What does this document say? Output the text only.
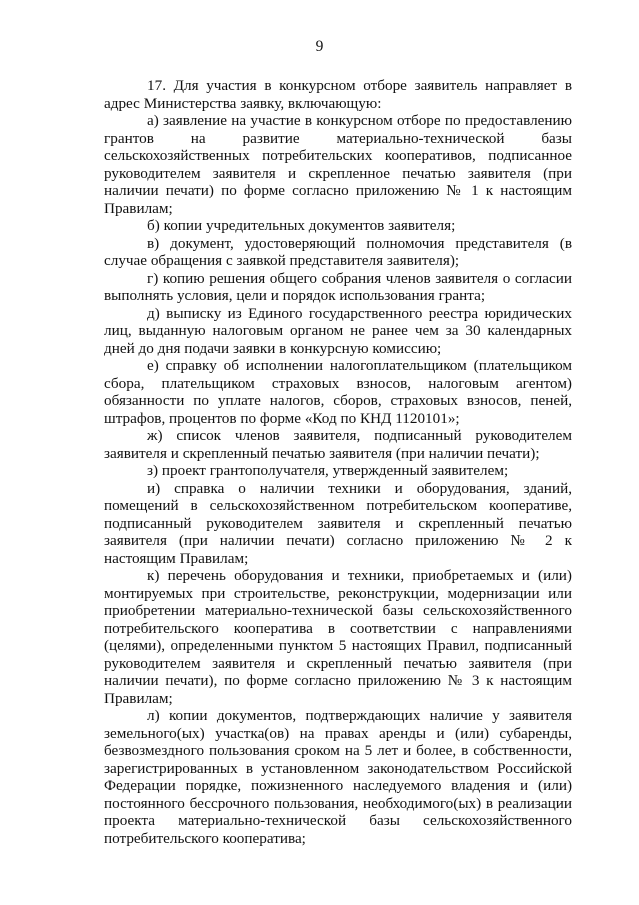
9

17. Для участия в конкурсном отборе заявитель направляет в адрес Министерства заявку, включающую:

а) заявление на участие в конкурсном отборе по предоставлению грантов на развитие материально-технической базы сельскохозяйственных потребительских кооперативов, подписанное руководителем заявителя и скрепленное печатью заявителя (при наличии печати) по форме согласно приложению № 1 к настоящим Правилам;

б) копии учредительных документов заявителя;

в) документ, удостоверяющий полномочия представителя (в случае обращения с заявкой представителя заявителя);

г) копию решения общего собрания членов заявителя о согласии выполнять условия, цели и порядок использования гранта;

д) выписку из Единого государственного реестра юридических лиц, выданную налоговым органом не ранее чем за 30 календарных дней до дня подачи заявки в конкурсную комиссию;

е) справку об исполнении налогоплательщиком (плательщиком сбора, плательщиком страховых взносов, налоговым агентом) обязанности по уплате налогов, сборов, страховых взносов, пеней, штрафов, процентов по форме «Код по КНД 1120101»;

ж) список членов заявителя, подписанный руководителем заявителя и скрепленный печатью заявителя (при наличии печати);

з) проект грантополучателя, утвержденный заявителем;

и) справка о наличии техники и оборудования, зданий, помещений в сельскохозяйственном потребительском кооперативе, подписанный руководителем заявителя и скрепленный печатью заявителя (при наличии печати) согласно приложению № 2 к настоящим Правилам;

к) перечень оборудования и техники, приобретаемых и (или) монтируемых при строительстве, реконструкции, модернизации или приобретении материально-технической базы сельскохозяйственного потребительского кооператива в соответствии с направлениями (целями), определенными пунктом 5 настоящих Правил, подписанный руководителем заявителя и скрепленный печатью заявителя (при наличии печати), по форме согласно приложению № 3 к настоящим Правилам;

л) копии документов, подтверждающих наличие у заявителя земельного(ых) участка(ов) на правах аренды и (или) субаренды, безвозмездного пользования сроком на 5 лет и более, в собственности, зарегистрированных в установленном законодательством Российской Федерации порядке, пожизненного наследуемого владения и (или) постоянного бессрочного пользования, необходимого(ых) в реализации проекта материально-технической базы сельскохозяйственного потребительского кооператива;
